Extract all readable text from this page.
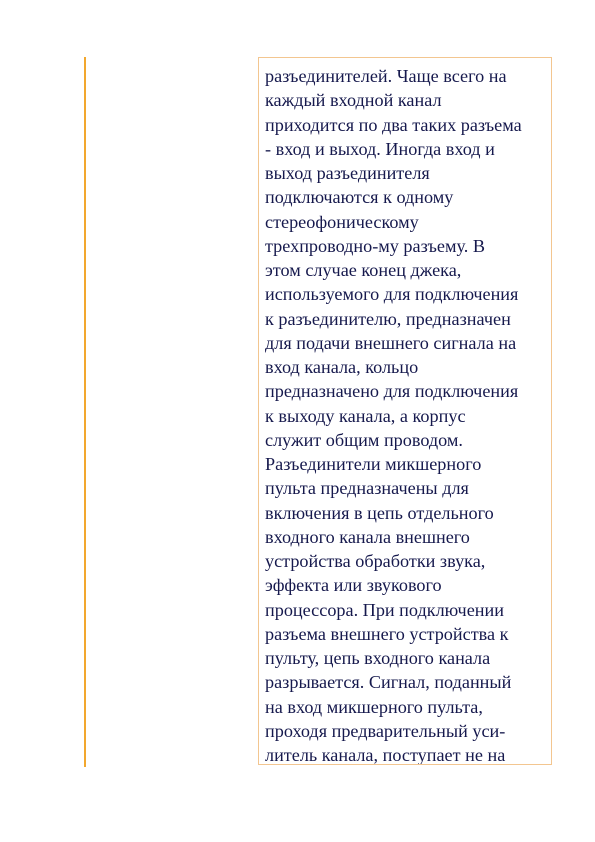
разъединителей. Чаще всего на
каждый входной канал
приходится по два таких разъема
- вход и выход. Иногда вход и
выход разъединителя
подключаются к одному
стереофоническому
трехпроводно-му разъему. В
этом случае конец джека,
используемого для подключения
к разъединителю, предназначен
для подачи внешнего сигнала на
вход канала, кольцо
предназначено для подключения
к выходу канала, а корпус
служит общим проводом.
Разъединители микшерного
пульта предназначены для
включения в цепь отдельного
входного канала внешнего
устройства обработки звука,
эффекта или звукового
процессора. При подключении
разъема внешнего устройства к
пульту, цепь входного канала
разрывается. Сигнал, поданный
на вход микшерного пульта,
проходя предварительный уси-
литель канала, поступает не на
